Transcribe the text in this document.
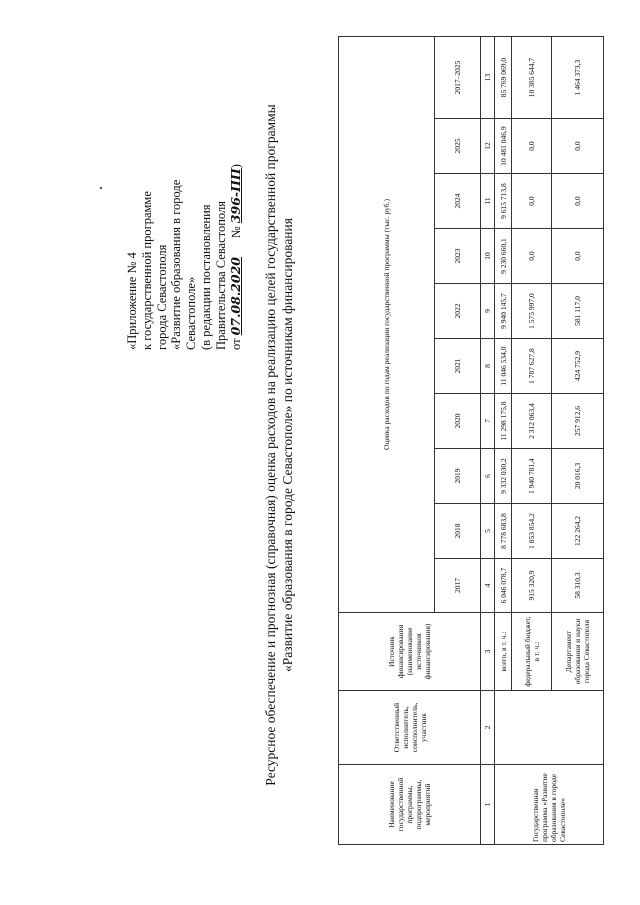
«Приложение № 4 к государственной программе города Севастополя «Развитие образования в городе Севастополе» (в редакции постановления Правительства Севастополя от 07.08.2020      № 396-ПП) Ресурсное обеспечение и прогнозная (справочная) оценка расходов на реализацию целей государственной программы «Развитие образования в городе Севастополе» по источникам финансирования
Наименование государственной программы, подпрограммы, мероприятий	Ответственный исполнитель, соисполнитель, участник	Источник финансирования (наименование источников финансирования)	Оценка расходов по годам реализации государственной программы (тыс. руб.)									
			2017	2018	2019	2020	2021	2022	2023	2024	2025	2017–2025
1	2	3	4	5	6	7	8	9	10	11	12	13
Государственная программа «Развитие образования в городе Севастополе»		всего, в т. ч.:	6 046 078,7	8 778 683,8	9 332 030,2	11 298 175,8	11 046 534,0	9 940 145,7	9 230 660,1	9 615 713,8	10 481 046,9	85 769 069,0
		федеральный бюджет, в т. ч.:	915 320,9	1 853 854,2	1 940 781,4	2 312 063,4	1 787 627,8	1 575 997,0	0,0	0,0	0,0	10 385 644,7
		Департамент образования и науки города Севастополя	58 310,3	122 264,2	20 016,3	257 912,6	424 752,9	581 117,0	0,0	0,0	0,0	1 464 373,3
